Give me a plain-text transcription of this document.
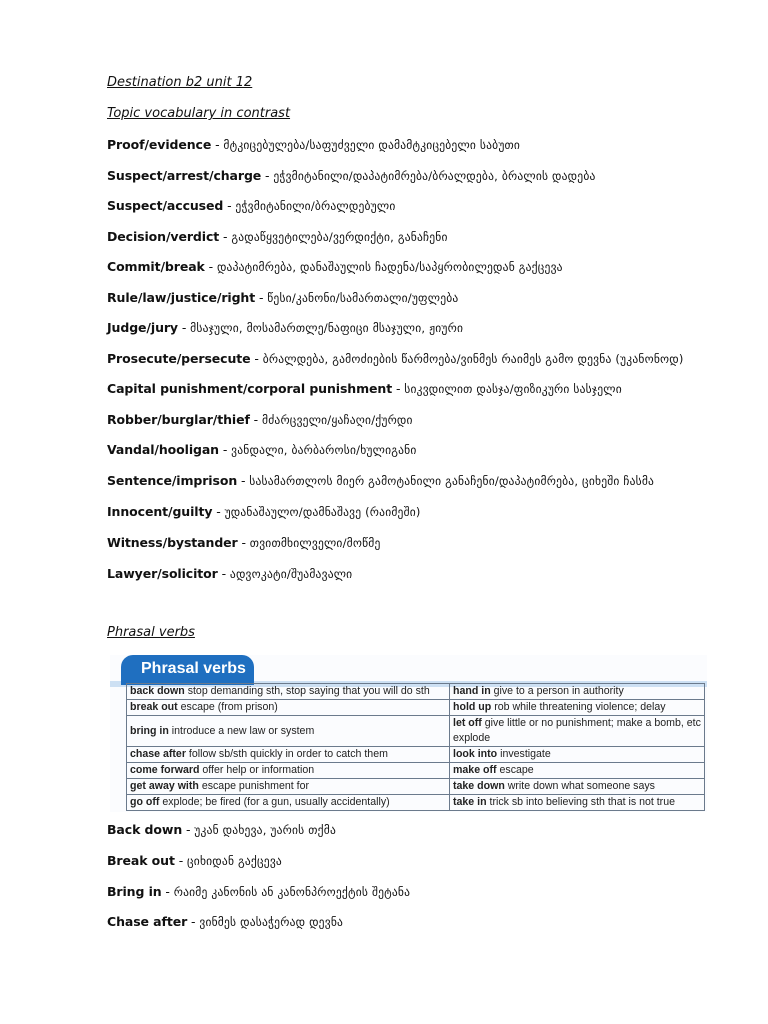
Destination b2 unit 12
Topic vocabulary in contrast
Proof/evidence - მტკიცებულება/საფუძველი დამამტკიცებელი საბუთი
Suspect/arrest/charge - ეჭვმიტანილი/დაპატიმრება/ბრალდება, ბრალის დადება
Suspect/accused - ეჭვმიტანილი/ბრალდებული
Decision/verdict - გადაწყვეტილება/ვერდიქტი, განაჩენი
Commit/break - დაპატიმრება, დანაშაულის ჩადენა/საპყრობილედან გაქცევა
Rule/law/justice/right - წესი/კანონი/სამართალი/უფლება
Judge/jury - მსაჯული, მოსამართლე/ნაფიცი მსაჯული, ჟიური
Prosecute/persecute - ბრალდება, გამოძიების წარმოება/ვინმეს რაიმეს გამო დევნა (უკანონოდ)
Capital punishment/corporal punishment - სიკვდილით დასჯა/ფიზიკური სასჯელი
Robber/burglar/thief - მძარცველი/ყაჩაღი/ქურდი
Vandal/hooligan - ვანდალი, ბარბაროსი/ხულიგანი
Sentence/imprison - სასამართლოს მიერ გამოტანილი განაჩენი/დაპატიმრება, ციხეში ჩასმა
Innocent/guilty - უდანაშაულო/დამნაშავე (რაიმეში)
Witness/bystander - თვითმხილველი/მოწმე
Lawyer/solicitor - ადვოკატი/შუამავალი
Phrasal verbs
Phrasal verbs
back down stop demanding sth, stop saying that you will do sth	hand in give to a person in authority
break out escape (from prison)	hold up rob while threatening violence; delay
bring in introduce a new law or system	let off give little or no punishment; make a bomb, etc explode
chase after follow sb/sth quickly in order to catch them	look into investigate
come forward offer help or information	make off escape
get away with escape punishment for	take down write down what someone says
go off explode; be fired (for a gun, usually accidentally)	take in trick sb into believing sth that is not true
Back down - უკან დახევა, უარის თქმა
Break out - ციხიდან გაქცევა
Bring in - რაიმე კანონის ან კანონპროექტის შეტანა
Chase after - ვინმეს დასაჭერად დევნა
